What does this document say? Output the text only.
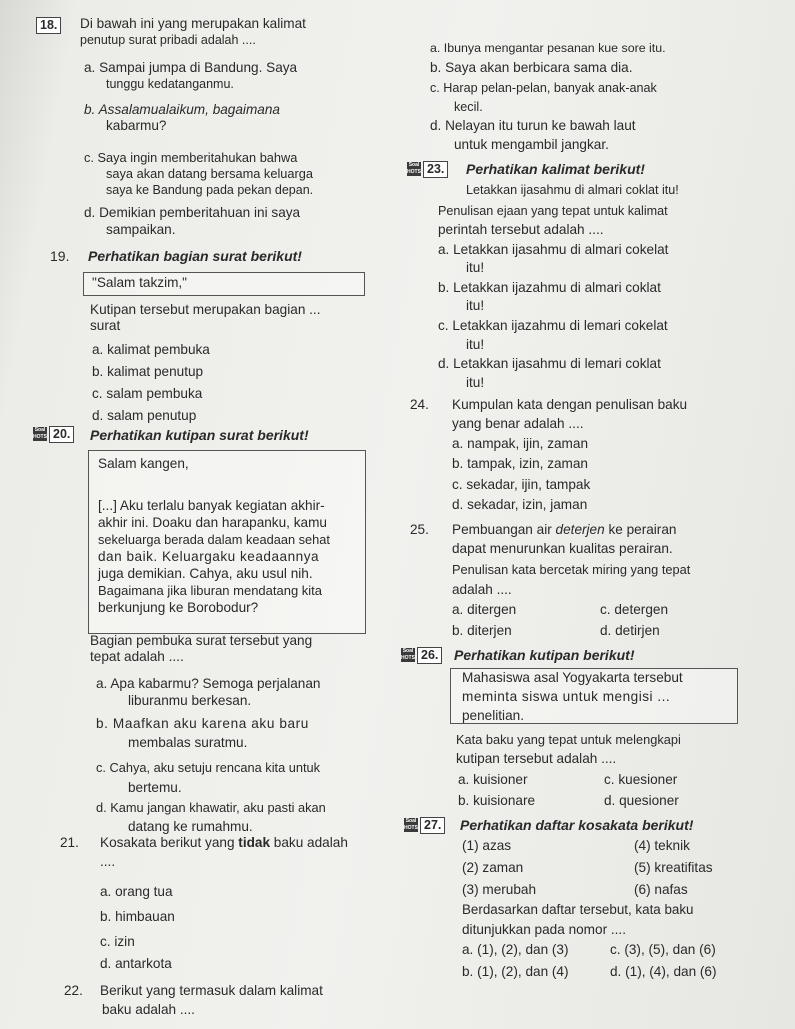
18. Di bawah ini yang merupakan kalimat
penutup surat pribadi adalah ....
a. Sampai jumpa di Bandung. Saya
tunggu kedatanganmu.
b. Assalamualaikum, bagaimana
kabarmu?
c. Saya ingin memberitahukan bahwa
saya akan datang bersama keluarga
saya ke Bandung pada pekan depan.
d. Demikian pemberitahuan ini saya
sampaikan.
19. Perhatikan bagian surat berikut!
"Salam takzim,"
Kutipan tersebut merupakan bagian ...
surat
a. kalimat pembuka
b. kalimat penutup
c. salam pembuka
d. salam penutup
Soal HOTS 20. Perhatikan kutipan surat berikut!
Salam kangen,
[...] Aku terlalu banyak kegiatan akhir-
akhir ini. Doaku dan harapanku, kamu
sekeluarga berada dalam keadaan sehat
dan baik. Keluargaku keadaannya
juga demikian. Cahya, aku usul nih.
Bagaimana jika liburan mendatang kita
berkunjung ke Borobodur?
Bagian pembuka surat tersebut yang
tepat adalah ....
a. Apa kabarmu? Semoga perjalanan
liburanmu berkesan.
b. Maafkan aku karena aku baru
membalas suratmu.
c. Cahya, aku setuju rencana kita untuk
bertemu.
d. Kamu jangan khawatir, aku pasti akan
datang ke rumahmu.
21. Kosakata berikut yang tidak baku adalah
....
a. orang tua
b. himbauan
c. izin
d. antarkota
22. Berikut yang termasuk dalam kalimat
baku adalah ....
a. Ibunya mengantar pesanan kue sore itu.
b. Saya akan berbicara sama dia.
c. Harap pelan-pelan, banyak anak-anak
kecil.
d. Nelayan itu turun ke bawah laut
untuk mengambil jangkar.
Soal HOTS 23. Perhatikan kalimat berikut!
Letakkan ijasahmu di almari coklat itu!
Penulisan ejaan yang tepat untuk kalimat
perintah tersebut adalah ....
a. Letakkan ijasahmu di almari cokelat
itu!
b. Letakkan ijazahmu di almari coklat
itu!
c. Letakkan ijazahmu di lemari cokelat
itu!
d. Letakkan ijasahmu di lemari coklat
itu!
24. Kumpulan kata dengan penulisan baku
yang benar adalah ....
a. nampak, ijin, zaman
b. tampak, izin, zaman
c. sekadar, ijin, tampak
d. sekadar, izin, jaman
25. Pembuangan air deterjen ke perairan
dapat menurunkan kualitas perairan.
Penulisan kata bercetak miring yang tepat
adalah ....
a. ditergen	c. detergen
b. diterjen	d. detirjen
Soal HOTS 26. Perhatikan kutipan berikut!
Mahasiswa asal Yogyakarta tersebut
meminta siswa untuk mengisi ...
penelitian.
Kata baku yang tepat untuk melengkapi
kutipan tersebut adalah ....
a. kuisioner	c. kuesioner
b. kuisionare	d. quesioner
Soal HOTS 27. Perhatikan daftar kosakata berikut!
(1) azas	(4) teknik
(2) zaman	(5) kreatifitas
(3) merubah	(6) nafas
Berdasarkan daftar tersebut, kata baku
ditunjukkan pada nomor ....
a. (1), (2), dan (3)	c. (3), (5), dan (6)
b. (1), (2), dan (4)	d. (1), (4), dan (6)
